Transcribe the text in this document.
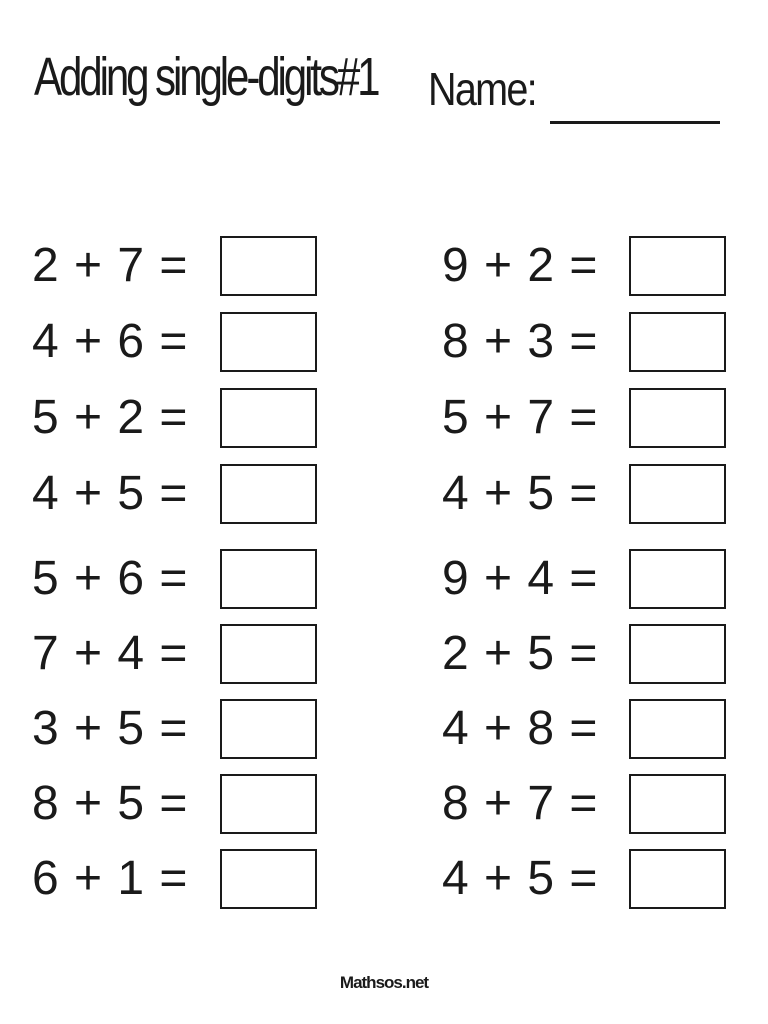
Adding single-digits#1 Name:
2 + 7 =
4 + 6 =
5 + 2 =
4 + 5 =
5 + 6 =
7 + 4 =
3 + 5 =
8 + 5 =
6 + 1 =
9 + 2 =
8 + 3 =
5 + 7 =
4 + 5 =
9 + 4 =
2 + 5 =
4 + 8 =
8 + 7 =
4 + 5 =
Mathsos.net
